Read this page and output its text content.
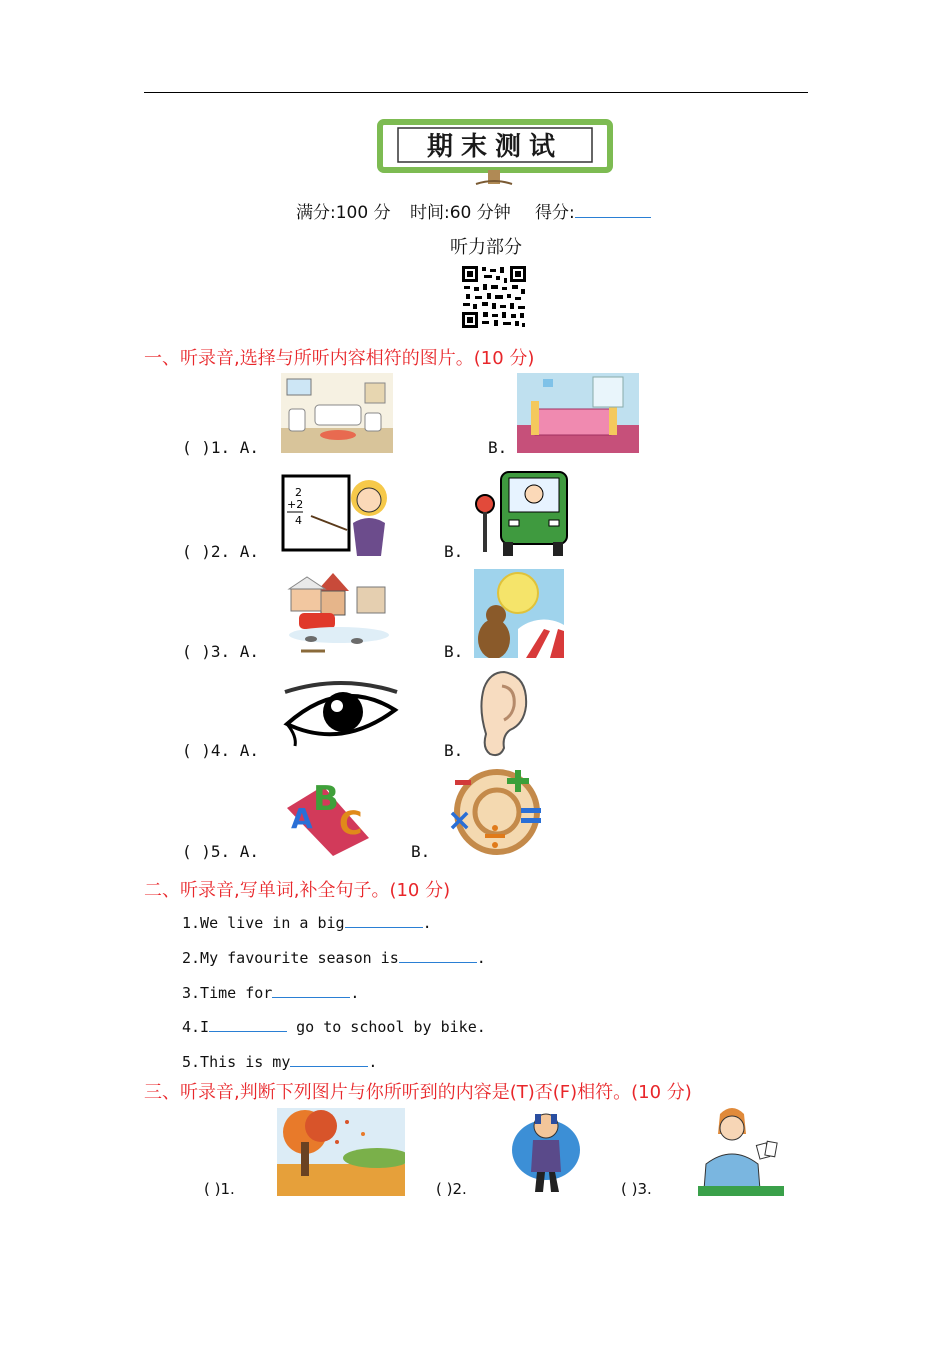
期末测试
满分:100 分 时间:60 分钟 得分:
听力部分
一、听录音,选择与所听内容相符的图片。(10 分)
( )1. A.	B.
2
+2
4
( )2. A.	B.
( )3. A.	B.
( )4. A.	B.
A B
C
( )5. A.	B.
×
二、听录音,写单词,补全句子。(10 分)
1.We live in a big	.
2.My favourite season is	.
3.Time for	.
4.I	go to school by bike.
5.This is my	.
三、听录音,判断下列图片与你所听到的内容是(T)否(F)相符。(10 分)
( )1.	( )2.	( )3.
